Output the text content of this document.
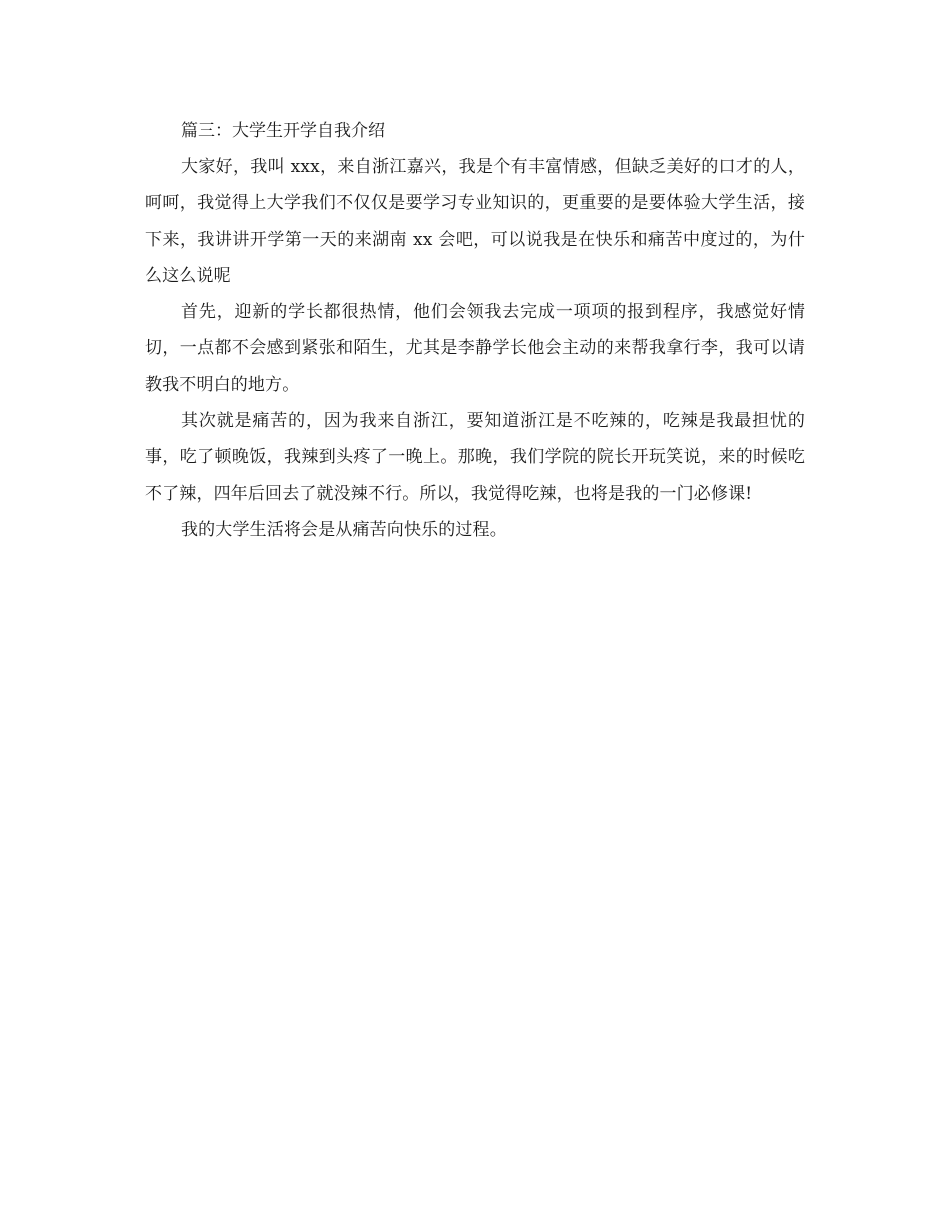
篇三：大学生开学自我介绍

大家好，我叫 xxx，来自浙江嘉兴，我是个有丰富情感，但缺乏美好的口才的人，呵呵，我觉得上大学我们不仅仅是要学习专业知识的，更重要的是要体验大学生活，接下来，我讲讲开学第一天的来湖南 xx 会吧，可以说我是在快乐和痛苦中度过的，为什么这么说呢

首先，迎新的学长都很热情，他们会领我去完成一项项的报到程序，我感觉好情切，一点都不会感到紧张和陌生，尤其是李静学长他会主动的来帮我拿行李，我可以请教我不明白的地方。

其次就是痛苦的，因为我来自浙江，要知道浙江是不吃辣的，吃辣是我最担忧的事，吃了顿晚饭，我辣到头疼了一晚上。那晚，我们学院的院长开玩笑说，来的时候吃不了辣，四年后回去了就没辣不行。所以，我觉得吃辣，也将是我的一门必修课!

我的大学生活将会是从痛苦向快乐的过程。
